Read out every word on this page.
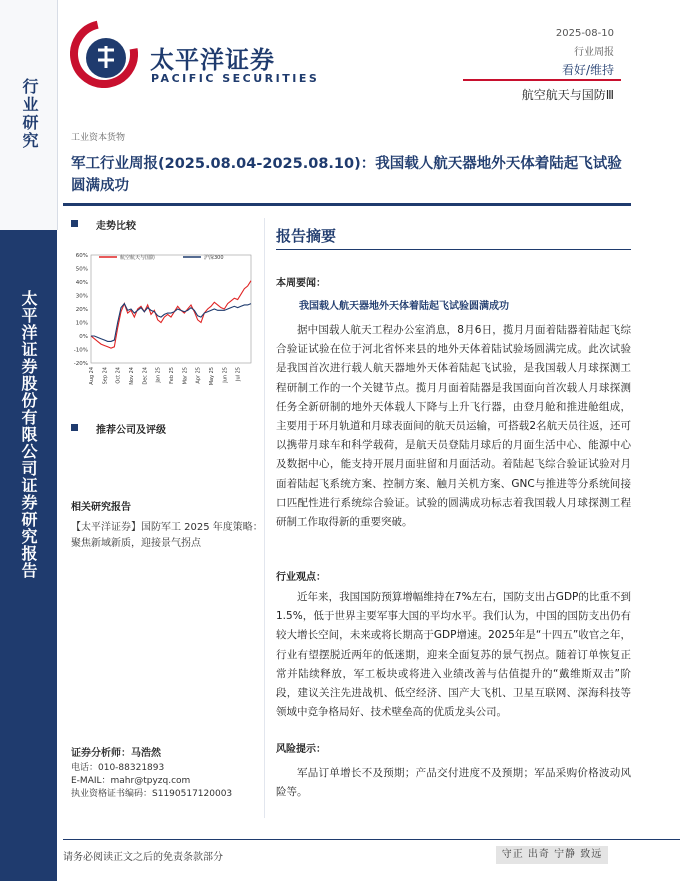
行业研究
太平洋证券股份有限公司证券研究报告
太平洋证券
PACIFIC SECURITIES
2025-08-10
行业周报
看好/维持
航空航天与国防Ⅲ
工业资本货物
军工行业周报(2025.08.04-2025.08.10)：我国载人航天器地外天体着陆起飞试验圆满成功
走势比较
60%
50%
40%
30%
20%
10%
0%
-10%
-20%
Aug 24 Sep 24 Oct 24 Nov 24 Dec 24 Jan 25 Feb 25 Mar 25 Apr 25 May 25 Jun 25 Jul 25
航空航天与国防	沪深300
推荐公司及评级
相关研究报告
【太平洋证券】国防军工 2025 年度策略：聚焦新域新质，迎接景气拐点
证券分析师：马浩然
电话：010-88321893
E-MAIL：mahr@tpyzq.com
执业资格证书编码：S1190517120003
报告摘要
本周要闻：
我国载人航天器地外天体着陆起飞试验圆满成功
据中国载人航天工程办公室消息，8月6日，揽月月面着陆器着陆起飞综合验证试验在位于河北省怀来县的地外天体着陆试验场圆满完成。此次试验是我国首次进行载人航天器地外天体着陆起飞试验，是我国载人月球探测工程研制工作的一个关键节点。揽月月面着陆器是我国面向首次载人月球探测任务全新研制的地外天体载人下降与上升飞行器，由登月舱和推进舱组成，主要用于环月轨道和月球表面间的航天员运输，可搭载2名航天员往返，还可以携带月球车和科学载荷，是航天员登陆月球后的月面生活中心、能源中心及数据中心，能支持开展月面驻留和月面活动。着陆起飞综合验证试验对月面着陆起飞系统方案、控制方案、触月关机方案、GNC与推进等分系统间接口匹配性进行系统综合验证。试验的圆满成功标志着我国载人月球探测工程研制工作取得新的重要突破。
行业观点：
近年来，我国国防预算增幅维持在7%左右，国防支出占GDP的比重不到1.5%，低于世界主要军事大国的平均水平。我们认为，中国的国防支出仍有较大增长空间，未来或将长期高于GDP增速。2025年是“十四五”收官之年，行业有望摆脱近两年的低迷期，迎来全面复苏的景气拐点。随着订单恢复正常并陆续释放，军工板块或将进入业绩改善与估值提升的“戴维斯双击”阶段，建议关注先进战机、低空经济、国产大飞机、卫星互联网、深海科技等领域中竞争格局好、技术壁垒高的优质龙头公司。
风险提示：
军品订单增长不及预期；产品交付进度不及预期；军品采购价格波动风险等。
请务必阅读正文之后的免责条款部分	守正 出奇 宁静 致远
